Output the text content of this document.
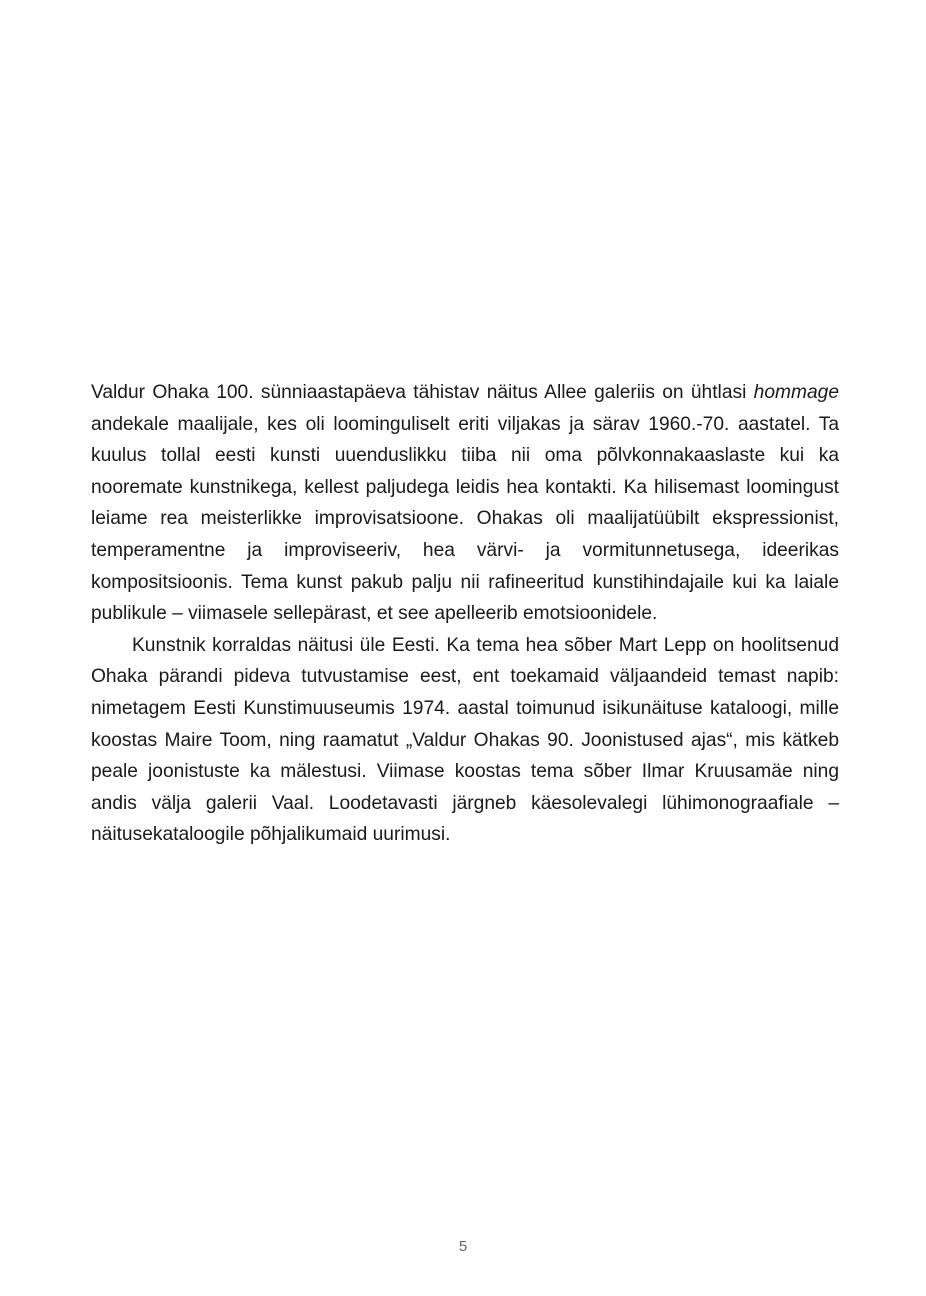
Valdur Ohaka 100. sünniaastapäeva tähistav näitus Allee galeriis on ühtlasi hommage andekale maalijale, kes oli loominguliselt eriti viljakas ja särav 1960.-70. aastatel. Ta kuulus tollal eesti kunsti uuenduslikku tiiba nii oma põlvkonnakaaslaste kui ka nooremate kunstnikega, kellest paljudega leidis hea kontakti. Ka hilisemast loomingust leiame rea meisterlikke improvisatsioone. Ohakas oli maalijatüübilt ekspressionist, temperamentne ja improviseeriv, hea värvi- ja vormitunnetusega, ideerikas kompositsioonis. Tema kunst pakub palju nii rafineeritud kunstihindajaile kui ka laiale publikule – viimasele sellepärast, et see apelleerib emotsioonidele.

Kunstnik korraldas näitusi üle Eesti. Ka tema hea sõber Mart Lepp on hoolitsenud Ohaka pärandi pideva tutvustamise eest, ent toekamaid väljaandeid temast napib: nimetagem Eesti Kunstimuuseumis 1974. aastal toimunud isikunäituse kataloogi, mille koostas Maire Toom, ning raamatut „Valdur Ohakas 90. Joonistused ajas“, mis kätkeb peale joonistuste ka mälestusi. Viimase koostas tema sõber Ilmar Kruusamäe ning andis välja galerii Vaal. Loodetavasti järgneb käesolevalegi lühimonograafiale – näitusekataloogile põhjalikumaid uurimusi.

5
